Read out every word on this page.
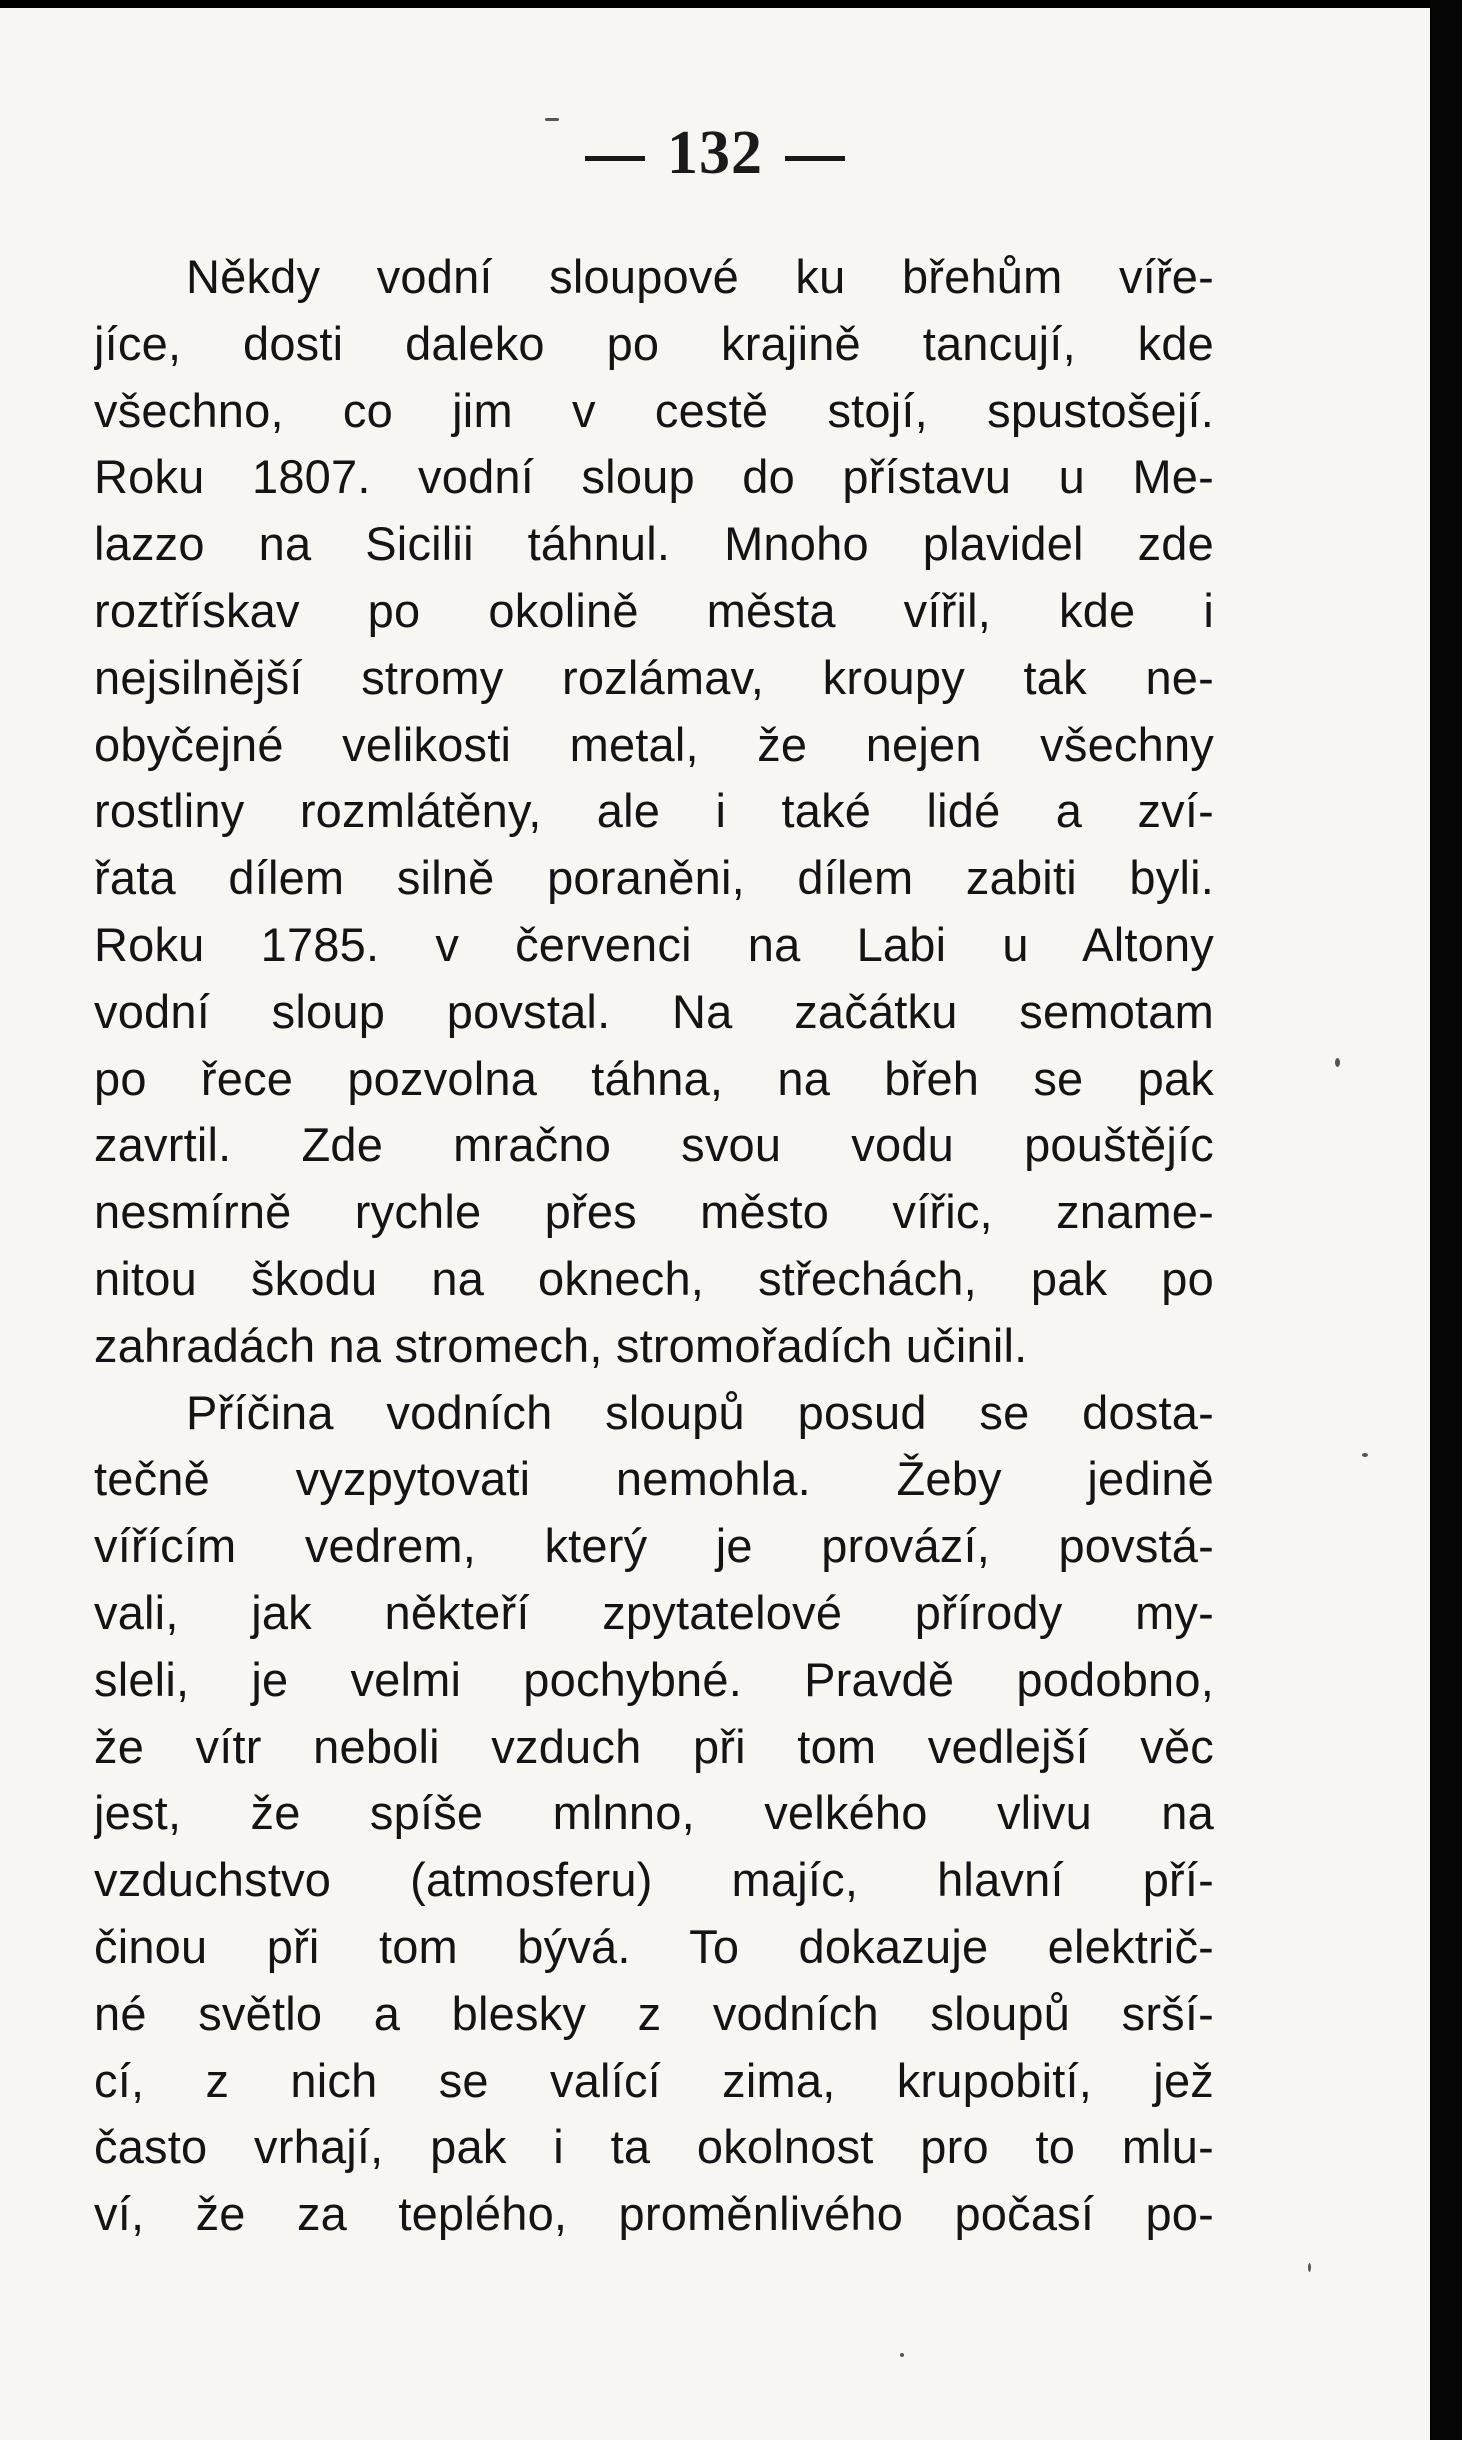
132
Někdy vodní sloupové ku břehům víře-
jíce, dosti daleko po krajině tancují, kde
všechno, co jim v cestě stojí, spustošejí.
Roku 1807. vodní sloup do přístavu u Me-
lazzo na Sicilii táhnul. Mnoho plavidel zde
roztřískav po okolině města vířil, kde i
nejsilnější stromy rozlámav, kroupy tak ne-
obyčejné velikosti metal, že nejen všechny
rostliny rozmlátěny, ale i také lidé a zví-
řata dílem silně poraněni, dílem zabiti byli.
Roku 1785. v červenci na Labi u Altony
vodní sloup povstal. Na začátku semotam
po řece pozvolna táhna, na břeh se pak
zavrtil. Zde mračno svou vodu pouštějíc
nesmírně rychle přes město vířic, zname-
nitou škodu na oknech, střechách, pak po
zahradách na stromech, stromořadích učinil.
Příčina vodních sloupů posud se dosta-
tečně vyzpytovati nemohla. Žeby jedině
vířícím vedrem, který je provází, povstá-
vali, jak někteří zpytatelové přírody my-
sleli, je velmi pochybné. Pravdě podobno,
že vítr neboli vzduch při tom vedlejší věc
jest, že spíše mlnno, velkého vlivu na
vzduchstvo (atmosferu) majíc, hlavní pří-
činou při tom bývá. To dokazuje električ-
né světlo a blesky z vodních sloupů srší-
cí, z nich se valící zima, krupobití, jež
často vrhají, pak i ta okolnost pro to mlu-
ví, že za teplého, proměnlivého počasí po-
